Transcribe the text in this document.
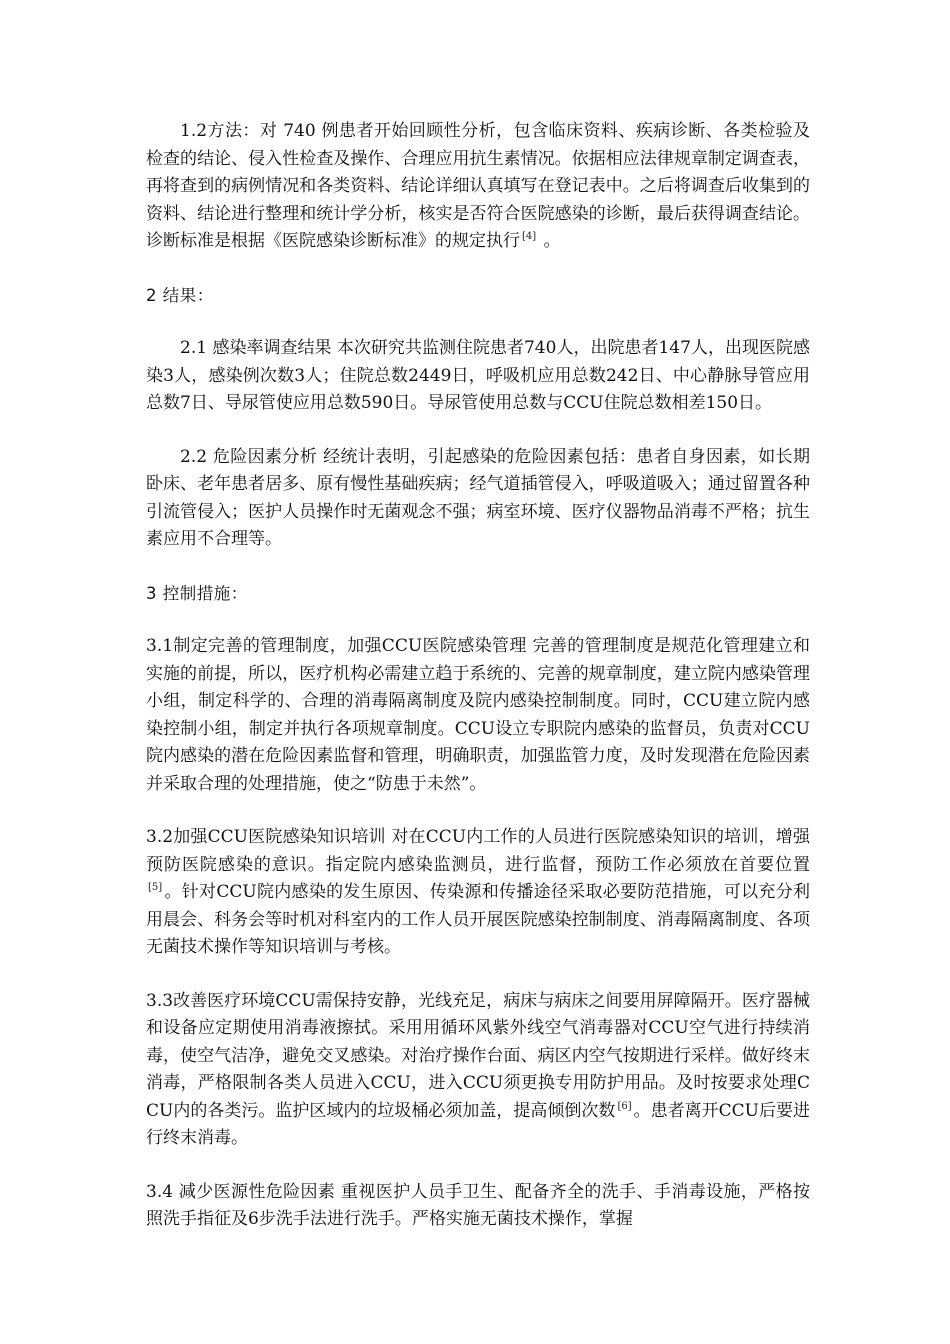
1.2方法：对 740 例患者开始回顾性分析，包含临床资料、疾病诊断、各类检验及检查的结论、侵入性检查及操作、合理应用抗生素情况。依据相应法律规章制定调查表，再将查到的病例情况和各类资料、结论详细认真填写在登记表中。之后将调查后收集到的资料、结论进行整理和统计学分析，核实是否符合医院感染的诊断，最后获得调查结论。诊断标准是根据《医院感染诊断标准》的规定执行 [4] 。

2 结果：

2.1 感染率调查结果 本次研究共监测住院患者740人，出院患者147人，出现医院感染3人，感染例次数3人；住院总数2449日，呼吸机应用总数242日、中心静脉导管应用总数7日、导尿管使应用总数590日。导尿管使用总数与CCU住院总数相差150日。

2.2 危险因素分析 经统计表明，引起感染的危险因素包括：患者自身因素，如长期卧床、老年患者居多、原有慢性基础疾病；经气道插管侵入，呼吸道吸入；通过留置各种引流管侵入；医护人员操作时无菌观念不强；病室环境、医疗仪器物品消毒不严格；抗生素应用不合理等。

3 控制措施：

3.1制定完善的管理制度，加强CCU医院感染管理 完善的管理制度是规范化管理建立和实施的前提，所以，医疗机构必需建立趋于系统的、完善的规章制度，建立院内感染管理小组，制定科学的、合理的消毒隔离制度及院内感染控制制度。同时，CCU建立院内感染控制小组，制定并执行各项规章制度。CCU设立专职院内感染的监督员，负责对CCU院内感染的潜在危险因素监督和管理，明确职责，加强监管力度，及时发现潜在危险因素并采取合理的处理措施，使之“防患于未然”。

3.2加强CCU医院感染知识培训 对在CCU内工作的人员进行医院感染知识的培训，增强预防医院感染的意识。指定院内感染监测员，进行监督，预防工作必须放在首要位置[5] 。针对CCU院内感染的发生原因、传染源和传播途径采取必要防范措施，可以充分利用晨会、科务会等时机对科室内的工作人员开展医院感染控制制度、消毒隔离制度、各项无菌技术操作等知识培训与考核。

3.3改善医疗环境CCU需保持安静，光线充足，病床与病床之间要用屏障隔开。医疗器械和设备应定期使用消毒液擦拭。采用用循环风紫外线空气消毒器对CCU空气进行持续消毒，使空气洁净，避免交叉感染。对治疗操作台面、病区内空气按期进行采样。做好终末消毒，严格限制各类人员进入CCU，进入CCU须更换专用防护用品。及时按要求处理CCU内的各类污。监护区域内的垃圾桶必须加盖，提高倾倒次数 [6] 。患者离开CCU后要进行终末消毒。

3.4 减少医源性危险因素 重视医护人员手卫生、配备齐全的洗手、手消毒设施，严格按照洗手指征及6步洗手法进行洗手。严格实施无菌技术操作，掌握
